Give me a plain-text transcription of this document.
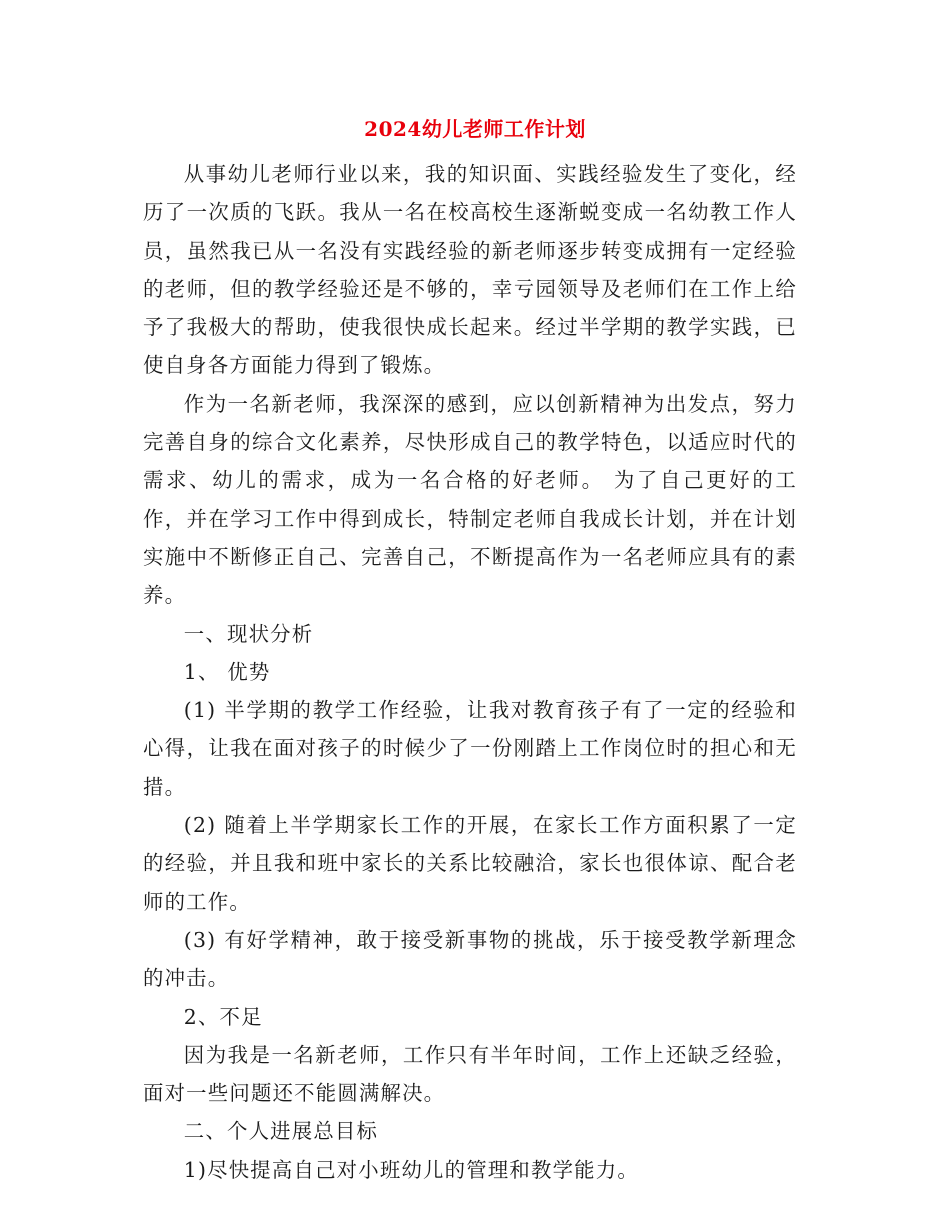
2024幼儿老师工作计划

从事幼儿老师行业以来，我的知识面、实践经验发生了变化，经历了一次质的飞跃。我从一名在校高校生逐渐蜕变成一名幼教工作人员，虽然我已从一名没有实践经验的新老师逐步转变成拥有一定经验的老师，但的教学经验还是不够的，幸亏园领导及老师们在工作上给予了我极大的帮助，使我很快成长起来。经过半学期的教学实践，已使自身各方面能力得到了锻炼。

作为一名新老师，我深深的感到，应以创新精神为出发点，努力完善自身的综合文化素养，尽快形成自己的教学特色，以适应时代的需求、幼儿的需求，成为一名合格的好老师。 为了自己更好的工作，并在学习工作中得到成长，特制定老师自我成长计划，并在计划实施中不断修正自己、完善自己，不断提高作为一名老师应具有的素养。

一、现状分析

1、 优势

(1) 半学期的教学工作经验，让我对教育孩子有了一定的经验和心得，让我在面对孩子的时候少了一份刚踏上工作岗位时的担心和无措。

(2) 随着上半学期家长工作的开展，在家长工作方面积累了一定的经验，并且我和班中家长的关系比较融洽，家长也很体谅、配合老师的工作。

(3) 有好学精神，敢于接受新事物的挑战，乐于接受教学新理念的冲击。

2、不足

因为我是一名新老师，工作只有半年时间，工作上还缺乏经验，面对一些问题还不能圆满解决。

二、个人进展总目标

1)尽快提高自己对小班幼儿的管理和教学能力。
